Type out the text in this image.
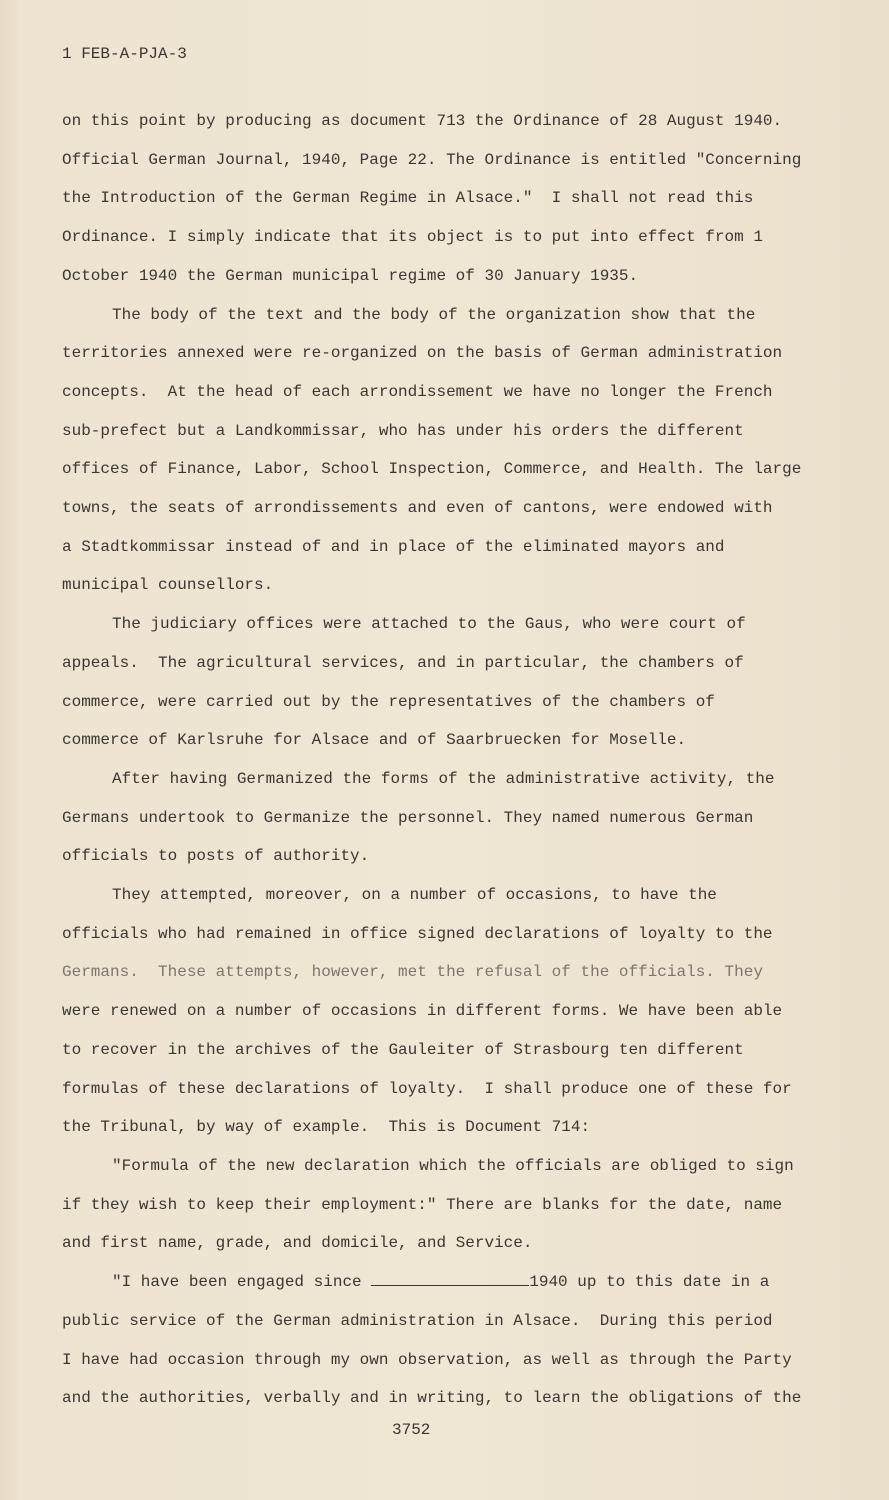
1 FEB-A-PJA-3
on this point by producing as document 713 the Ordinance of 28 August 1940.
Official German Journal, 1940, Page 22. The Ordinance is entitled "Concerning
the Introduction of the German Regime in Alsace."  I shall not read this
Ordinance. I simply indicate that its object is to put into effect from 1
October 1940 the German municipal regime of 30 January 1935.
The body of the text and the body of the organization show that the
territories annexed were re-organized on the basis of German administration
concepts.  At the head of each arrondissement we have no longer the French
sub-prefect but a Landkommissar, who has under his orders the different
offices of Finance, Labor, School Inspection, Commerce, and Health. The large
towns, the seats of arrondissements and even of cantons, were endowed with
a Stadtkommissar instead of and in place of the eliminated mayors and
municipal counsellors.
The judiciary offices were attached to the Gaus, who were court of
appeals.  The agricultural services, and in particular, the chambers of
commerce, were carried out by the representatives of the chambers of
commerce of Karlsruhe for Alsace and of Saarbruecken for Moselle.
After having Germanized the forms of the administrative activity, the
Germans undertook to Germanize the personnel. They named numerous German
officials to posts of authority.
They attempted, moreover, on a number of occasions, to have the
officials who had remained in office signed declarations of loyalty to the
Germans.  These attempts, however, met the refusal of the officials. They
were renewed on a number of occasions in different forms. We have been able
to recover in the archives of the Gauleiter of Strasbourg ten different
formulas of these declarations of loyalty.  I shall produce one of these for
the Tribunal, by way of example.  This is Document 714:
"Formula of the new declaration which the officials are obliged to sign
if they wish to keep their employment:" There are blanks for the date, name
and first name, grade, and domicile, and Service.
"I have been engaged since	1940 up to this date in a
public service of the German administration in Alsace.  During this period
I have had occasion through my own observation, as well as through the Party
and the authorities, verbally and in writing, to learn the obligations of the
3752
